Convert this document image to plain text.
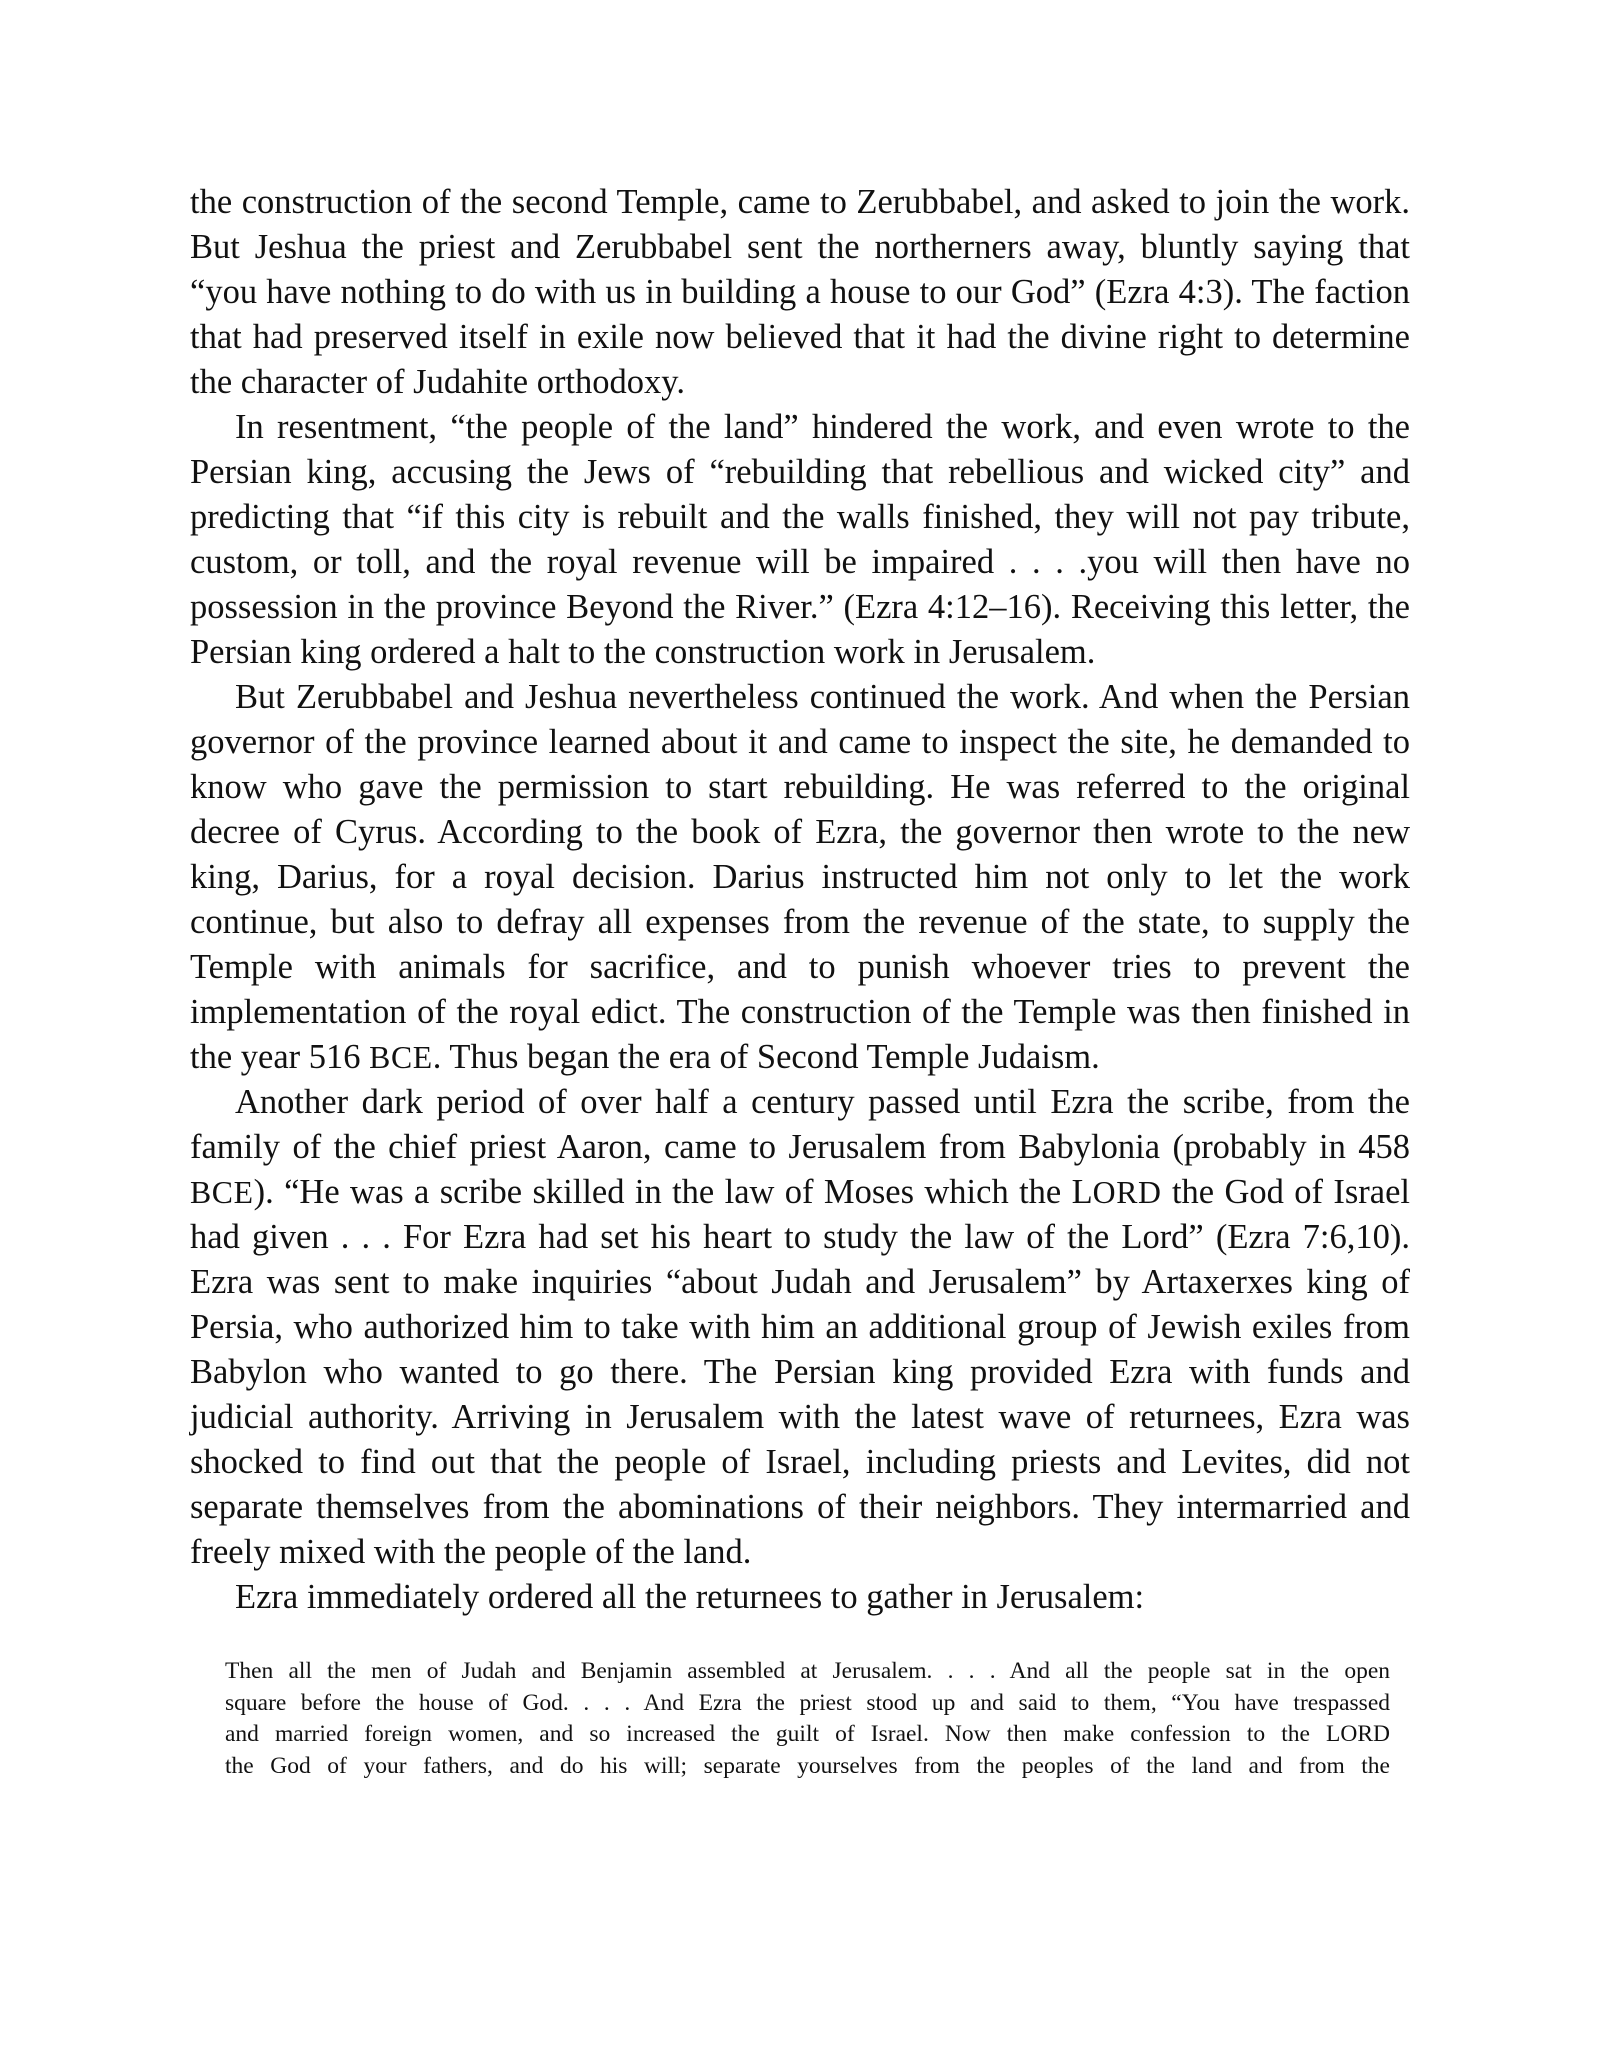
the construction of the second Temple, came to Zerubbabel, and asked to join the work. But Jeshua the priest and Zerubbabel sent the northerners away, bluntly saying that “you have nothing to do with us in building a house to our God” (Ezra 4:3). The faction that had preserved itself in exile now believed that it had the divine right to determine the character of Judahite orthodoxy.

In resentment, “the people of the land” hindered the work, and even wrote to the Persian king, accusing the Jews of “rebuilding that rebellious and wicked city” and predicting that “if this city is rebuilt and the walls finished, they will not pay tribute, custom, or toll, and the royal revenue will be impaired . . . .you will then have no possession in the province Beyond the River.” (Ezra 4:12–16). Receiving this letter, the Persian king ordered a halt to the construction work in Jerusalem.

But Zerubbabel and Jeshua nevertheless continued the work. And when the Persian governor of the province learned about it and came to inspect the site, he demanded to know who gave the permission to start rebuilding. He was referred to the original decree of Cyrus. According to the book of Ezra, the governor then wrote to the new king, Darius, for a royal decision. Darius instructed him not only to let the work continue, but also to defray all expenses from the revenue of the state, to supply the Temple with animals for sacrifice, and to punish whoever tries to prevent the implementation of the royal edict. The construction of the Temple was then finished in the year 516 BCE. Thus began the era of Second Temple Judaism.

Another dark period of over half a century passed until Ezra the scribe, from the family of the chief priest Aaron, came to Jerusalem from Babylonia (probably in 458 BCE). “He was a scribe skilled in the law of Moses which the LORD the God of Israel had given . . . For Ezra had set his heart to study the law of the Lord” (Ezra 7:6,10). Ezra was sent to make inquiries “about Judah and Jerusalem” by Artaxerxes king of Persia, who authorized him to take with him an additional group of Jewish exiles from Babylon who wanted to go there. The Persian king provided Ezra with funds and judicial authority. Arriving in Jerusalem with the latest wave of returnees, Ezra was shocked to find out that the people of Israel, including priests and Levites, did not separate themselves from the abominations of their neighbors. They intermarried and freely mixed with the people of the land.

Ezra immediately ordered all the returnees to gather in Jerusalem:

Then all the men of Judah and Benjamin assembled at Jerusalem. . . . And all the people sat in the open
square before the house of God. . . . And Ezra the priest stood up and said to them, “You have trespassed
and married foreign women, and so increased the guilt of Israel. Now then make confession to the LORD
the God of your fathers, and do his will; separate yourselves from the peoples of the land and from the
